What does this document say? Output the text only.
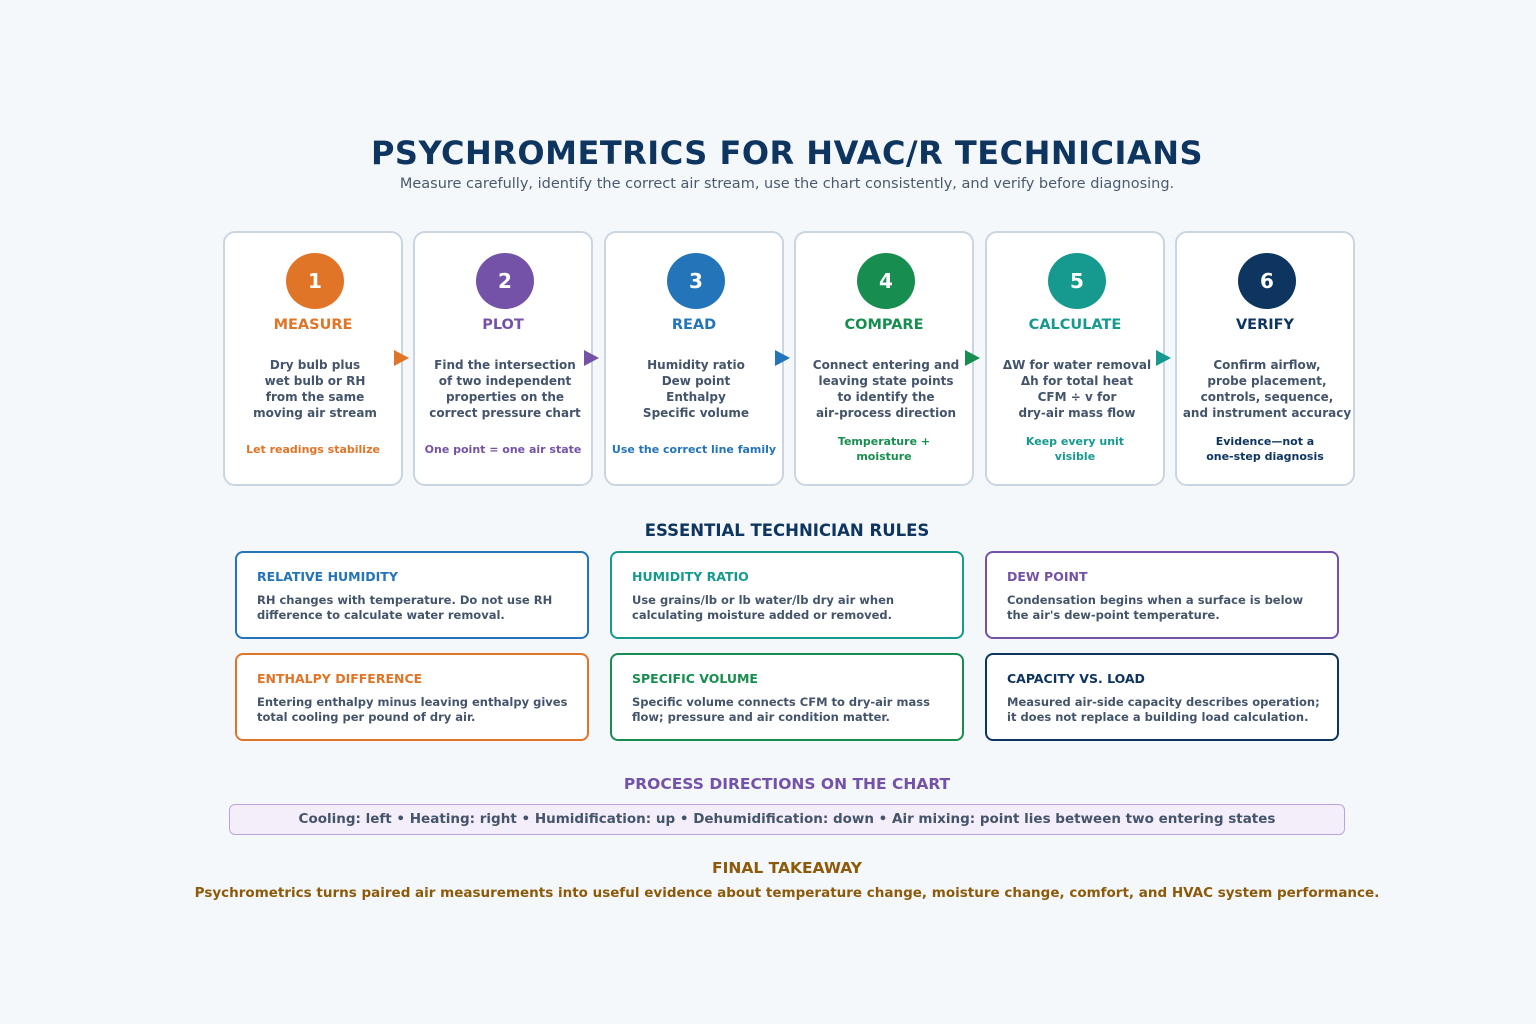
PSYCHROMETRICS FOR HVAC/R TECHNICIANS
Measure carefully, identify the correct air stream, use the chart consistently, and verify before diagnosing.
1
MEASURE
Dry bulb plus
wet bulb or RH
from the same
moving air stream
Let readings stabilize
2
PLOT
Find the intersection
of two independent
properties on the
correct pressure chart
One point = one air state
3
READ
Humidity ratio
Dew point
Enthalpy
Specific volume
Use the correct line family
4
COMPARE
Connect entering and
leaving state points
to identify the
air-process direction
Temperature +
moisture
5
CALCULATE
ΔW for water removal
Δh for total heat
CFM ÷ v for
dry-air mass flow
Keep every unit
visible
6
VERIFY
Confirm airflow,
probe placement,
controls, sequence,
and instrument accuracy
Evidence—not a
one-step diagnosis
ESSENTIAL TECHNICIAN RULES
RELATIVE HUMIDITY
RH changes with temperature. Do not use RH
difference to calculate water removal.
HUMIDITY RATIO
Use grains/lb or lb water/lb dry air when
calculating moisture added or removed.
DEW POINT
Condensation begins when a surface is below
the air's dew-point temperature.
ENTHALPY DIFFERENCE
Entering enthalpy minus leaving enthalpy gives
total cooling per pound of dry air.
SPECIFIC VOLUME
Specific volume connects CFM to dry-air mass
flow; pressure and air condition matter.
CAPACITY VS. LOAD
Measured air-side capacity describes operation;
it does not replace a building load calculation.
PROCESS DIRECTIONS ON THE CHART
Cooling: left • Heating: right • Humidification: up • Dehumidification: down • Air mixing: point lies between two entering states
FINAL TAKEAWAY
Psychrometrics turns paired air measurements into useful evidence about temperature change, moisture change, comfort, and HVAC system performance.
